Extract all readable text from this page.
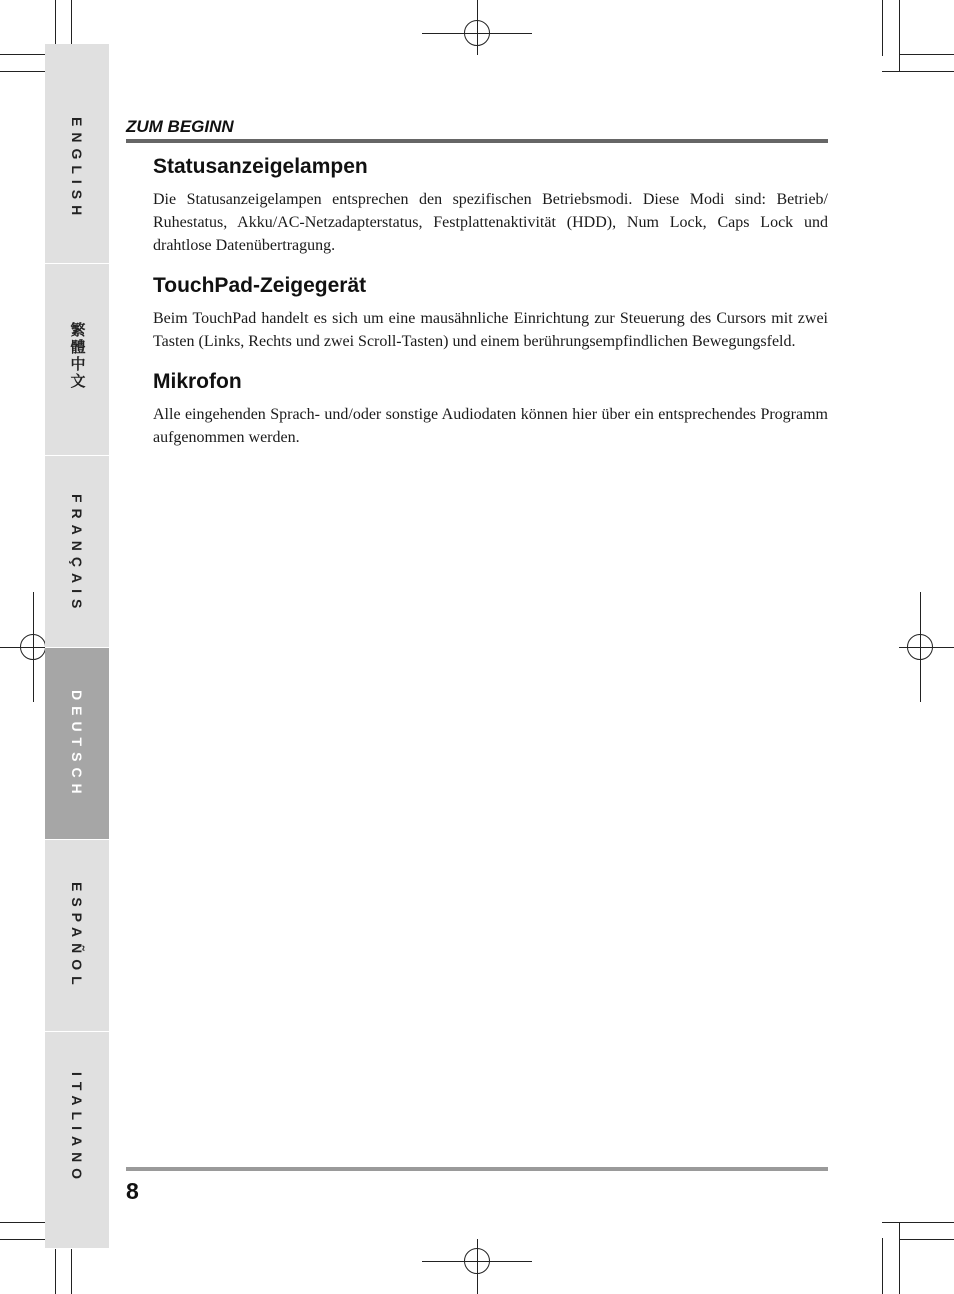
ENGLISH
繁體中文
FRANÇAIS
DEUTSCH
ESPAÑOL
ITALIANO
ZUM BEGINN
Statusanzeigelampen

Die Statusanzeigelampen entsprechen den spezifischen Betriebsmodi. Diese Modi sind: Betrieb/ Ruhestatus, Akku/AC-Netzadapterstatus, Festplattenaktivität (HDD), Num Lock, Caps Lock und drahtlose Datenübertragung.

TouchPad-Zeigegerät

Beim TouchPad handelt es sich um eine mausähnliche Einrichtung zur Steuerung des Cursors mit zwei Tasten (Links, Rechts und zwei Scroll-Tasten) und einem berührungsempfindlichen Bewegungsfeld.

Mikrofon

Alle eingehenden Sprach- und/oder sonstige Audiodaten können hier über ein entsprechendes Programm aufgenommen werden.

8
